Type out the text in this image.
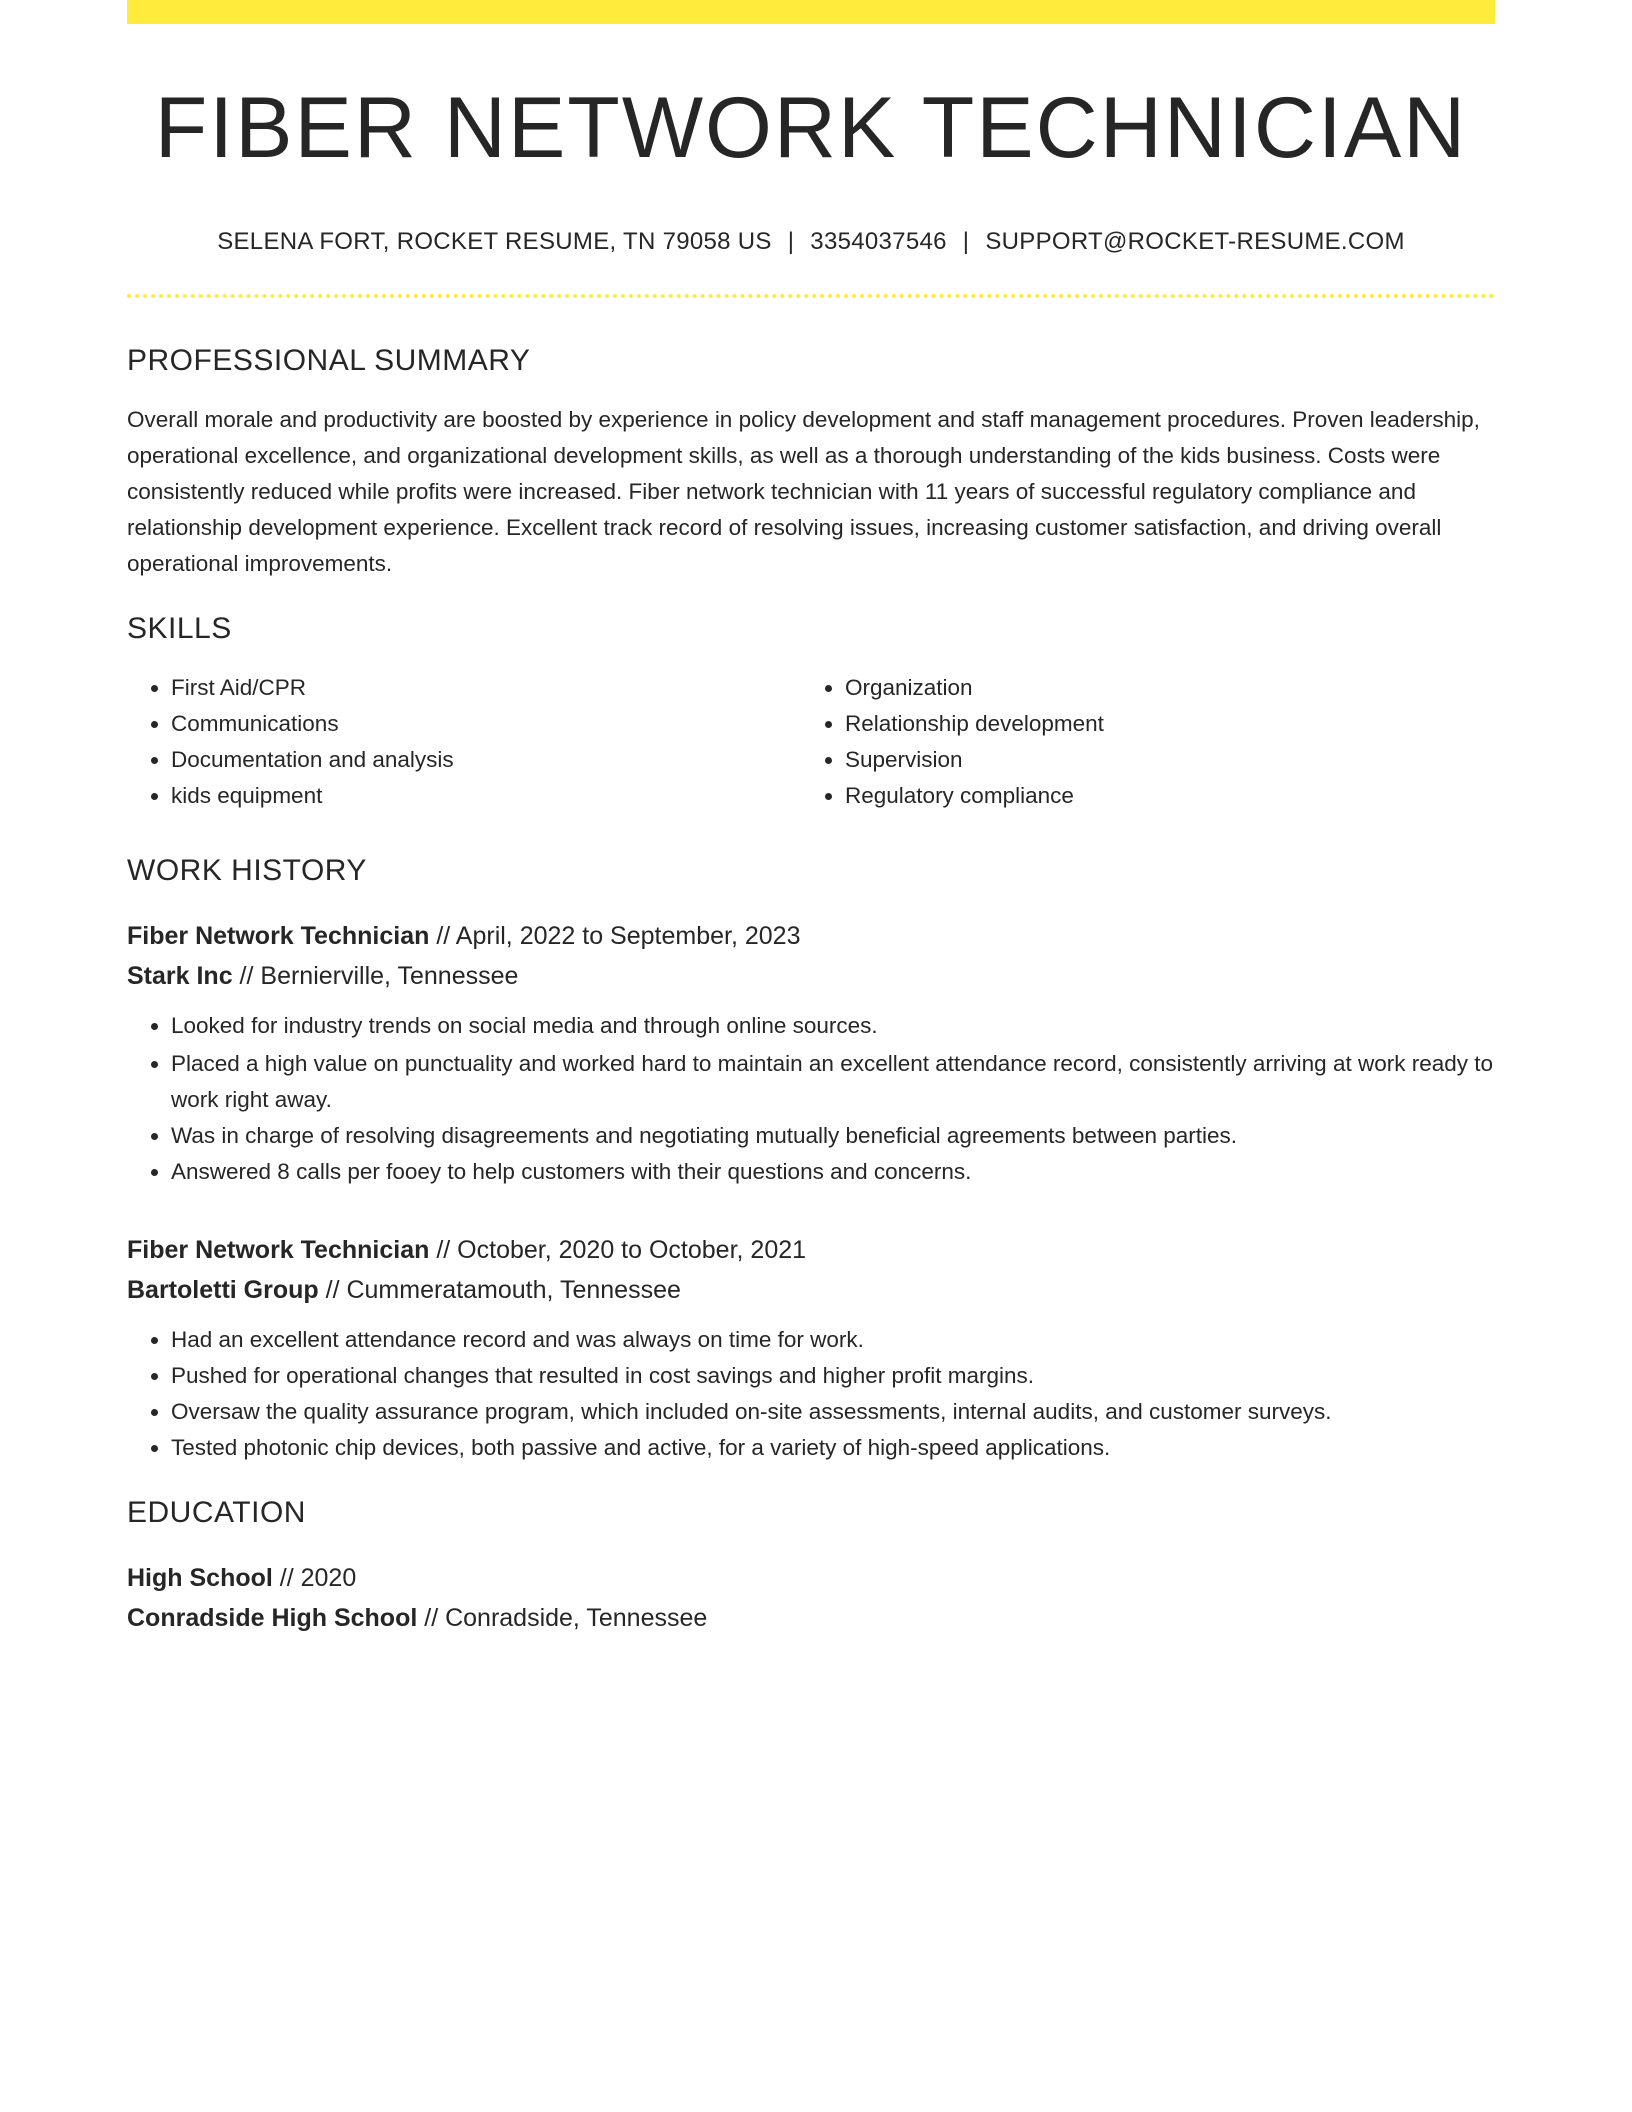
FIBER NETWORK TECHNICIAN
SELENA FORT, ROCKET RESUME, TN 79058 US | 3354037546 | SUPPORT@ROCKET-RESUME.COM
PROFESSIONAL SUMMARY
Overall morale and productivity are boosted by experience in policy development and staff management procedures. Proven leadership, operational excellence, and organizational development skills, as well as a thorough understanding of the kids business. Costs were consistently reduced while profits were increased. Fiber network technician with 11 years of successful regulatory compliance and relationship development experience. Excellent track record of resolving issues, increasing customer satisfaction, and driving overall operational improvements.
SKILLS
• First Aid/CPR
• Communications
• Documentation and analysis
• kids equipment
• Organization
• Relationship development
• Supervision
• Regulatory compliance
WORK HISTORY
Fiber Network Technician // April, 2022 to September, 2023
Stark Inc // Bernierville, Tennessee
• Looked for industry trends on social media and through online sources.
• Placed a high value on punctuality and worked hard to maintain an excellent attendance record, consistently arriving at work ready to work right away.
• Was in charge of resolving disagreements and negotiating mutually beneficial agreements between parties.
• Answered 8 calls per fooey to help customers with their questions and concerns.
Fiber Network Technician // October, 2020 to October, 2021
Bartoletti Group // Cummeratamouth, Tennessee
• Had an excellent attendance record and was always on time for work.
• Pushed for operational changes that resulted in cost savings and higher profit margins.
• Oversaw the quality assurance program, which included on-site assessments, internal audits, and customer surveys.
• Tested photonic chip devices, both passive and active, for a variety of high-speed applications.
EDUCATION
High School // 2020
Conradside High School // Conradside, Tennessee
